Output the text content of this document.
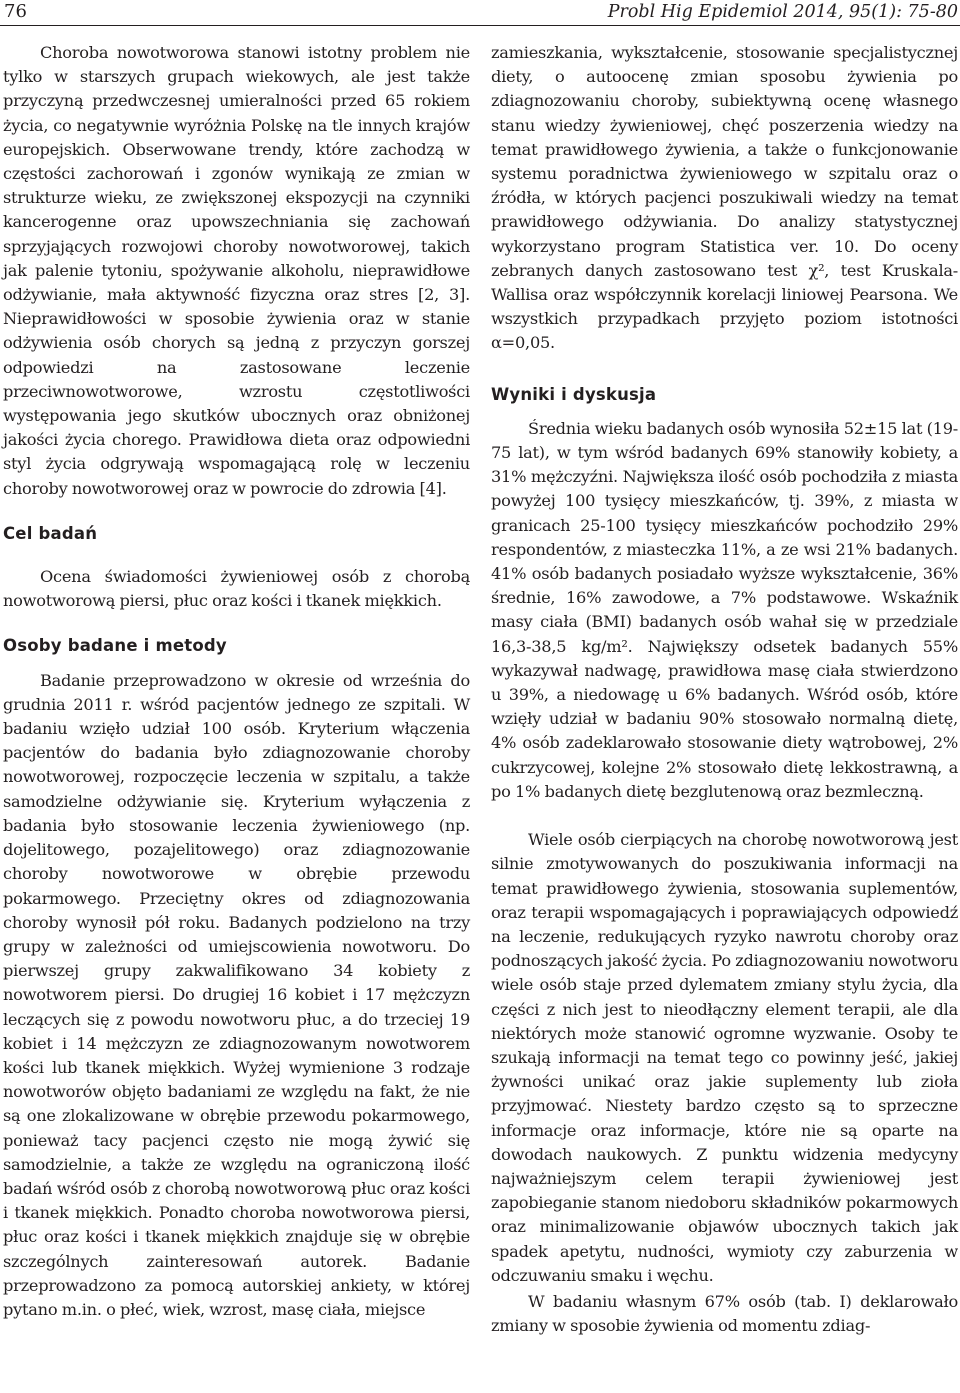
76	Probl Hig Epidemiol 2014, 95(1): 75-80

Choroba nowotworowa stanowi istotny problem nie tylko w starszych grupach wiekowych, ale jest także przyczyną przedwczesnej umieralności przed 65 rokiem życia, co negatywnie wyróżnia Polskę na tle innych krajów europejskich. Obserwowane trendy, które zachodzą w częstości zachorowań i zgonów wynikają ze zmian w strukturze wieku, ze zwiększonej ekspozycji na czynniki kancerogenne oraz upowszechniania się zachowań sprzyjających rozwojowi choroby nowotworowej, takich jak palenie tytoniu, spożywanie alkoholu, nieprawidłowe odżywianie, mała aktywność fizyczna oraz stres [2, 3]. Nieprawidłowości w sposobie żywienia oraz w stanie odżywienia osób chorych są jedną z przyczyn gorszej odpowiedzi na zastosowane leczenie przeciwnowotworowe, wzrostu częstotliwości występowania jego skutków ubocznych oraz obniżonej jakości życia chorego. Prawidłowa dieta oraz odpowiedni styl życia odgrywają wspomagającą rolę w leczeniu choroby nowotworowej oraz w powrocie do zdrowia [4].

Cel badań

Ocena świadomości żywieniowej osób z chorobą nowotworową piersi, płuc oraz kości i tkanek miękkich.

Osoby badane i metody

Badanie przeprowadzono w okresie od września do grudnia 2011 r. wśród pacjentów jednego ze szpitali. W badaniu wzięło udział 100 osób. Kryterium włączenia pacjentów do badania było zdiagnozowanie choroby nowotworowej, rozpoczęcie leczenia w szpitalu, a także samodzielne odżywianie się. Kryterium wyłączenia z badania było stosowanie leczenia żywieniowego (np. dojelitowego, pozajelitowego) oraz zdiagnozowanie choroby nowotworowe w obrębie przewodu pokarmowego. Przeciętny okres od zdiagnozowania choroby wynosił pół roku. Badanych podzielono na trzy grupy w zależności od umiejscowienia nowotworu. Do pierwszej grupy zakwalifikowano 34 kobiety z nowotworem piersi. Do drugiej 16 kobiet i 17 mężczyzn leczących się z powodu nowotworu płuc, a do trzeciej 19 kobiet i 14 mężczyzn ze zdiagnozowanym nowotworem kości lub tkanek miękkich. Wyżej wymienione 3 rodzaje nowotworów objęto badaniami ze względu na fakt, że nie są one zlokalizowane w obrębie przewodu pokarmowego, ponieważ tacy pacjenci często nie mogą żywić się samodzielnie, a także ze względu na ograniczoną ilość badań wśród osób z chorobą nowotworową płuc oraz kości i tkanek miękkich. Ponadto choroba nowotworowa piersi, płuc oraz kości i tkanek miękkich znajduje się w obrębie szczególnych zainteresowań autorek. Badanie przeprowadzono za pomocą autorskiej ankiety, w której pytano m.in. o płeć, wiek, wzrost, masę ciała, miejsce

zamieszkania, wykształcenie, stosowanie specjalistycznej diety, o autoocenę zmian sposobu żywienia po zdiagnozowaniu choroby, subiektywną ocenę własnego stanu wiedzy żywieniowej, chęć poszerzenia wiedzy na temat prawidłowego żywienia, a także o funkcjonowanie systemu poradnictwa żywieniowego w szpitalu oraz o źródła, w których pacjenci poszukiwali wiedzy na temat prawidłowego odżywiania. Do analizy statystycznej wykorzystano program Statistica ver. 10. Do oceny zebranych danych zastosowano test χ², test Kruskala-Wallisa oraz współczynnik korelacji liniowej Pearsona. We wszystkich przypadkach przyjęto poziom istotności α=0,05.

Wyniki i dyskusja

Średnia wieku badanych osób wynosiła 52±15 lat (19-75 lat), w tym wśród badanych 69% stanowiły kobiety, a 31% mężczyźni. Największa ilość osób pochodziła z miasta powyżej 100 tysięcy mieszkańców, tj. 39%, z miasta w granicach 25-100 tysięcy mieszkańców pochodziło 29% respondentów, z miasteczka 11%, a ze wsi 21% badanych. 41% osób badanych posiadało wyższe wykształcenie, 36% średnie, 16% zawodowe, a 7% podstawowe. Wskaźnik masy ciała (BMI) badanych osób wahał się w przedziale 16,3-38,5 kg/m². Największy odsetek badanych 55% wykazywał nadwagę, prawidłowa masę ciała stwierdzono u 39%, a niedowagę u 6% badanych. Wśród osób, które wzięły udział w badaniu 90% stosowało normalną dietę, 4% osób zadeklarowało stosowanie diety wątrobowej, 2% cukrzycowej, kolejne 2% stosowało dietę lekkostrawną, a po 1% badanych dietę bezglutenową oraz bezmleczną.

Wiele osób cierpiących na chorobę nowotworową jest silnie zmotywowanych do poszukiwania informacji na temat prawidłowego żywienia, stosowania suplementów, oraz terapii wspomagających i poprawiających odpowiedź na leczenie, redukujących ryzyko nawrotu choroby oraz podnoszących jakość życia. Po zdiagnozowaniu nowotworu wiele osób staje przed dylematem zmiany stylu życia, dla części z nich jest to nieodłączny element terapii, ale dla niektórych może stanowić ogromne wyzwanie. Osoby te szukają informacji na temat tego co powinny jeść, jakiej żywności unikać oraz jakie suplementy lub zioła przyjmować. Niestety bardzo często są to sprzeczne informacje oraz informacje, które nie są oparte na dowodach naukowych. Z punktu widzenia medycyny najważniejszym celem terapii żywieniowej jest zapobieganie stanom niedoboru składników pokarmowych oraz minimalizowanie objawów ubocznych takich jak spadek apetytu, nudności, wymioty czy zaburzenia w odczuwaniu smaku i węchu.

W badaniu własnym 67% osób (tab. I) deklarowało zmiany w sposobie żywienia od momentu zdiag-
